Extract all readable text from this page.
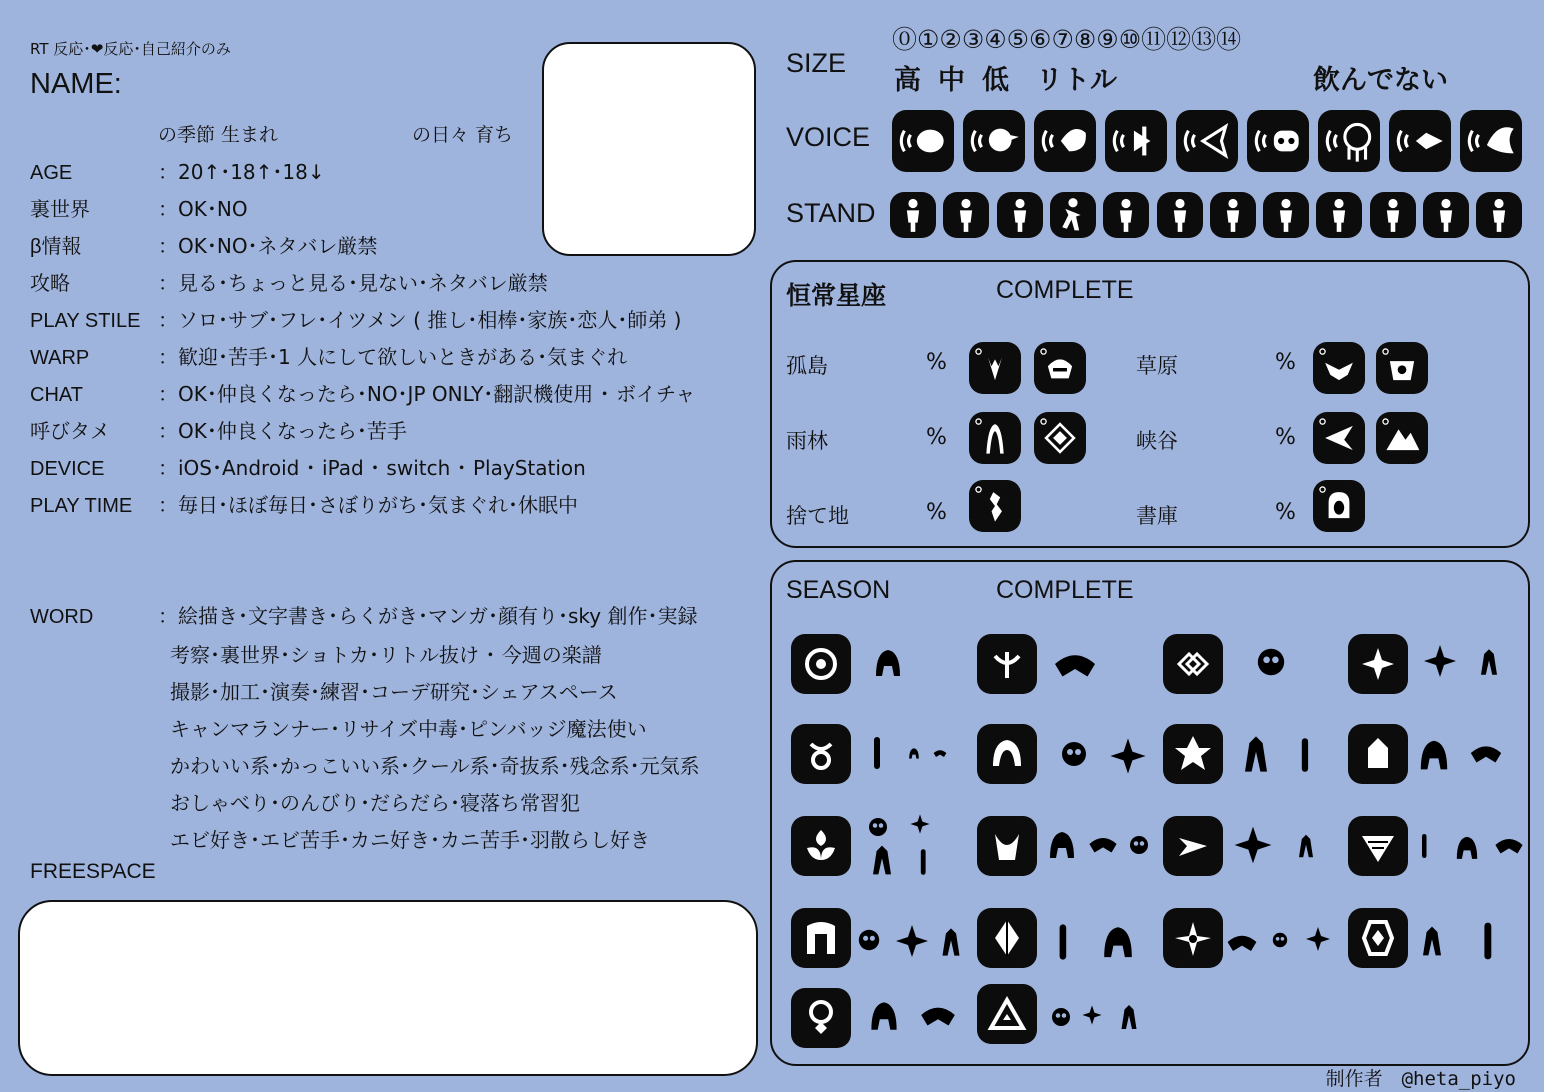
RT 反応･❤反応･自己紹介のみ
NAME:
の季節 生まれ	の日々 育ち
AGE	：20↑･18↑･18↓
裏世界	：OK･NO
β情報	：OK･NO･ネタバレ厳禁
攻略	：見る･ちょっと見る･見ない･ネタバレ厳禁
PLAY STILE ：ソロ･サブ･フレ･イツメン ( 推し･相棒･家族･恋人･師弟 )
WARP	：歓迎･苦手･1 人にして欲しいときがある･気まぐれ
CHAT	：OK･仲良くなったら･NO･JP ONLY･翻訳機使用 ･ ボイチャ
呼びタメ ：OK･仲良くなったら･苦手
DEVICE	：iOS･Android ･ iPad ･ switch ･ PlayStation
PLAY TIME ：毎日･ほぼ毎日･さぼりがち･気まぐれ･休眠中
WORD	：絵描き･文字書き･らくがき･マンガ･顔有り･sky 創作･実録
考察･裏世界･ショトカ･リトル抜け ･ 今週の楽譜
撮影･加工･演奏･練習･コーデ研究･シェアスペース
キャンマランナー･リサイズ中毒･ピンバッジ魔法使い
かわいい系･かっこいい系･クール系･奇抜系･残念系･元気系
おしゃべり･のんびり･だらだら･寝落ち常習犯
エビ好き･エビ苦手･カニ好き･カニ苦手･羽散らし好き
FREESPACE
SIZE
⓪①②③④⑤⑥⑦⑧⑨⑩⑪⑫⑬⑭
高 中 低 リトル	飲んでない
VOICE
STAND
恒常星座	COMPLETE
孤島	%	草原	%
雨林	%	峡谷	%
捨て地	%	書庫	%
SEASON	COMPLETE
制作者　@heta_piyo
